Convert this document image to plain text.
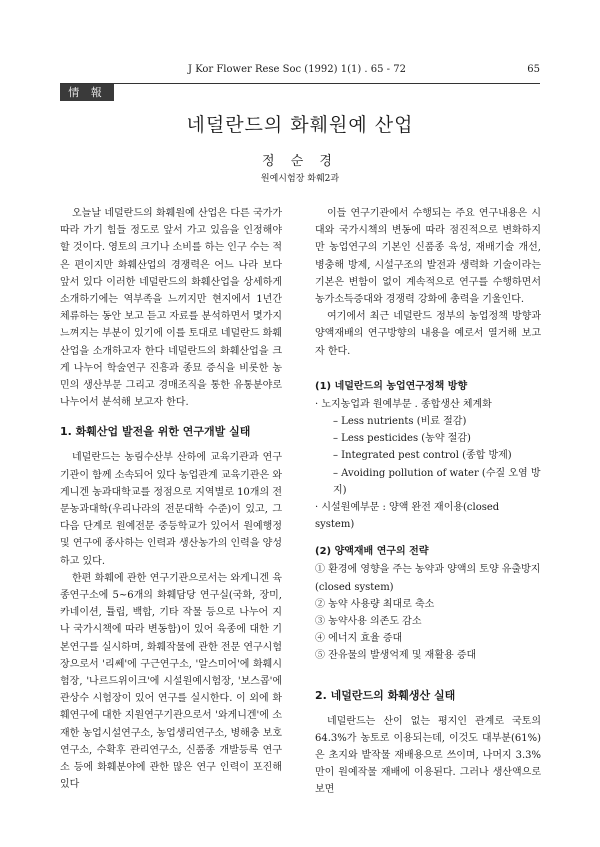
J Kor Flower Rese Soc (1992) 1(1) . 65 - 72	65
情 報
네덜란드의 화훼원예 산업
정 순 경
원예시험장 화훼2과

오늘날 네덜란드의 화훼원예 산업은 다른 국가가 따라 가기 힘들 정도로 앞서 가고 있음을 인정해야 할 것이다. 영토의 크기나 소비를 하는 인구 수는 적은 편이지만 화훼산업의 경쟁력은 어느 나라 보다 앞서 있다 이러한 네덜란드의 화훼산업을 상세하게 소개하기에는 역부족을 느끼지만 현지에서 1년간 체류하는 동안 보고 듣고 자료를 분석하면서 몇가지 느껴지는 부분이 있기에 이를 토대로 네덜란드 화훼산업을 소개하고자 한다 네덜란드의 화훼산업을 크게 나누어 학술연구 진흥과 종묘 증식을 비롯한 농민의 생산부문 그리고 경매조직을 통한 유통분야로 나누어서 분석해 보고자 한다.

1. 화훼산업 발전을 위한 연구개발 실태

네덜란드는 농림수산부 산하에 교육기관과 연구기관이 함께 소속되어 있다 농업관계 교육기관은 와게니겐 농과대학교를 정점으로 지역별로 10개의 전문농과대학(우리나라의 전문대학 수준)이 있고, 그 다음 단계로 원예전문 중등학교가 있어서 원예행정 및 연구에 종사하는 인력과 생산농가의 인력을 양성하고 있다.

한편 화훼에 관한 연구기관으로서는 와게니겐 육종연구소에 5~6개의 화훼담당 연구실(국화, 장미, 카네이션, 튤립, 백합, 기타 작물 등으로 나누어 지나 국가시책에 따라 변동함)이 있어 육종에 대한 기본연구를 실시하며, 화훼작물에 관한 전문 연구시험장으로서 '리쎄'에 구근연구소, '알스미어'에 화훼시험장, '나르드위이크'에 시설원예시험장, '보스콥'에 관상수 시험장이 있어 연구를 실시한다. 이 외에 화훼연구에 대한 지원연구기관으로서 '와게니겐'에 소재한 농업시설연구소, 농업생리연구소, 병해충 보호연구소, 수확후 관리연구소, 신품종 개발등록 연구소 등에 화훼분야에 관한 많은 연구 인력이 포진해 있다

이들 연구기관에서 수행되는 주요 연구내용은 시대와 국가시책의 변동에 따라 점진적으로 변화하지만 농업연구의 기본인 신품종 육성, 재배기술 개선, 병충해 방제, 시설구조의 발전과 생력화 기술이라는 기본은 변함이 없이 계속적으로 연구를 수행하면서 농가소득증대와 경쟁력 강화에 총력을 기울인다.

여기에서 최근 네덜란드 정부의 농업정책 방향과 양액재배의 연구방향의 내용을 예로서 열거해 보고자 한다.

(1) 네덜란드의 농업연구정책 방향
· 노지농업과 원예부문 . 종합생산 체계화
– Less nutrients (비료 절감)
– Less pesticides (농약 절감)
– Integrated pest control (종합 방제)
– Avoiding pollution of water (수질 오염 방지)
· 시설원예부문 : 양액 완전 재이용(closed system)
(2) 양액재배 연구의 전략
① 환경에 영향을 주는 농약과 양액의 토양 유출방지(closed system)
② 농약 사용량 최대로 축소
③ 농약사용 의존도 감소
④ 에너지 효율 증대
⑤ 잔유물의 발생억제 및 재활용 증대
2. 네덜란드의 화훼생산 실태

네덜란드는 산이 없는 평지인 관계로 국토의 64.3%가 농토로 이용되는데, 이것도 대부분(61%)은 초지와 밭작물 재배용으로 쓰이며, 나머지 3.3%만이 원예작물 재배에 이용된다. 그러나 생산액으로 보면
